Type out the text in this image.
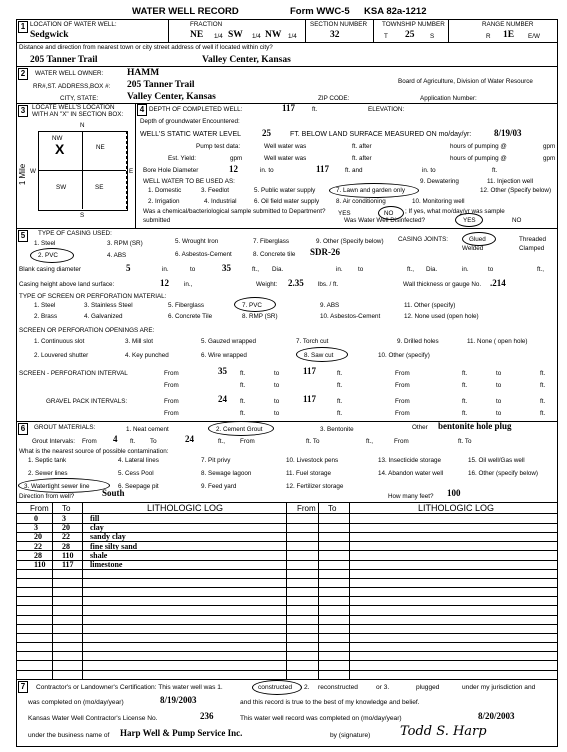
WATER WELL RECORD	Form WWC-5 KSA 82a-1212
1 LOCATION OF WATER WELL:
Sedgwick
FRACTION
NE 1/4 SW 1/4 NW 1/4
SECTION NUMBER
32
TOWNSHIP NUMBER
T 25 S
RANGE NUMBER
R 1E E/W
Distance and direction from nearest town or city street address of well if located within city?
205 Tanner Trail	Valley Center, Kansas
2	WATER WELL OWNER: HAMM
RR#,ST. ADDRESS,BOX #: 205 Tanner Trail
CITY, STATE:	Valley Center, Kansas	ZIP CODE:
Board of Agriculture, Division of Water Resource
Application Number:
3	LOCATE WELL'S LOCATION
WITH AN "X" IN SECTION BOX:
N
NW
NE
SW	SE
X
W	E
S
1 Mile
4 DEPTH OF COMPLETED WELL:	117	ft.	ELEVATION:
Depth of groundwater Encountered:
WELL'S STATIC WATER LEVEL 25	FT. BELOW LAND SURFACE MEASURED ON mo/day/yr:	8/19/03
Pump test data:	Well water was	ft. after	hours of pumping @	gpm
Est. Yield:	gpm	Well water was	ft. after	hours of pumping @	gpm
Bore Hole Diameter	12	in. to	117	ft. and	in. to	ft.
WELL WATER TO BE USED AS:	9. Dewatering	11. Injection well
1. Domestic	3. Feedlot	5. Public water supply	7. Lawn and garden only	12. Other (Specify below)
2. Irrigation	4. Industrial	6. Oil field water supply	8. Air conditioning	10. Monitoring well
Was a chemical/bacteriological sample submitted to Department? YES	NO ; If yes, what mo/day/yr was sample
submitted	Was Water Well Disinfected?	YES	NO
5	TYPE OF CASING USED:
1. Steel	3. RPM (SR)	5. Wrought Iron	7. Fiberglass	9. Other (Specify below) CASING JOINTS:	Glued	Threaded
2. PVC	4. ABS	6. Asbestos-Cement	8. Concrete tile SDR-26	Welded	Clamped
Blank casing diameter	5	in.	to	35	ft., Dia.	in. to	ft., Dia.	in.	to	ft.,
Casing height above land surface:	12 in.,	Weight: 2.35 lbs. / ft.	Wall thickness or gauge No. .214
TYPE OF SCREEN OR PERFORATION MATERIAL:
1. Steel	3. Stainless Steel	5. Fiberglass	7. PVC	9. ABS	11. Other (specify)
2. Brass	4. Galvanized	6. Concrete Tile	8. RMP (SR)	10. Asbestos-Cement	12. None used (open hole)
SCREEN OR PERFORATION OPENINGS ARE:
1. Continuous slot	3. Mill slot	5. Gauzed wrapped	7. Torch cut	9. Drilled holes	11. None ( open hole)
2. Louvered shutter	4. Key punched	6. Wire wrapped	8. Saw cut	10. Other (specify)
SCREEN - PERFORATION INTERVAL	From	35 ft.	to	117	ft.	From	ft.	to	ft.
From	ft.	to	ft.	From	ft.	to	ft.
GRAVEL PACK INTERVALS:	From	24 ft.	to	117	ft.	From	ft.	to	ft.
From	ft.	to	ft.	From	ft.	to	ft.
6	GROUT MATERIALS:	1. Neat cement	2. Cement Grout	3. Bentonite	Other bentonite hole plug
Grout Intervals: From 4 ft. To	24	ft., From	ft. To	ft.,	From	ft. To
What is the nearest source of possible contamination:
1. Septic tank	4. Lateral lines	7. Pit privy	10. Livestock pens	13. Insecticide storage	15. Oil well/Gas well
2. Sewer lines	5. Cess Pool	8. Sewage lagoon	11. Fuel storage	14. Abandon water well	16. Other (specify below)
3. Watertight sewer line	6. Seepage pit	9. Feed yard	12. Fertilizer storage
Direction from well?	South	How many feet? 100
From To	LITHOLOGIC LOG	From To	LITHOLOGIC LOG
0	3	fill
3	20	clay
20	22	sandy clay
22	28	fine silty sand
28	110 shale
110 117 limestone
7	Contractor's or Landowner's Certification: This water well was 1.	constructed 2. reconstructed	or 3.	plugged	under my jurisdiction and
was completed on (mo/day/year)	8/19/2003	and this record is true to the best of my knowledge and belief.
Kansas Water Well Contractor's License No.	236	This water well record was completed on (mo/day/year)	8/20/2003
under the business name of Harp Well & Pump Service Inc.	by (signature) Todd S. Harp
